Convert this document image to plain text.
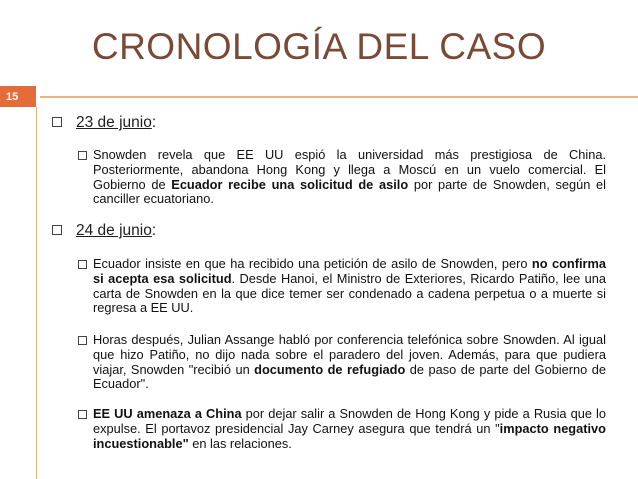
CRONOLOGÍA DEL CASO
15
23 de junio:
Snowden revela que EE UU espió la universidad más prestigiosa de China. Posteriormente, abandona Hong Kong y llega a Moscú en un vuelo comercial. El Gobierno de Ecuador recibe una solicitud de asilo por parte de Snowden, según el canciller ecuatoriano.
24 de junio:
Ecuador insiste en que ha recibido una petición de asilo de Snowden, pero no confirma si acepta esa solicitud. Desde Hanoi, el Ministro de Exteriores, Ricardo Patiño, lee una carta de Snowden en la que dice temer ser condenado a cadena perpetua o a muerte si regresa a EE UU.
Horas después, Julian Assange habló por conferencia telefónica sobre Snowden. Al igual que hizo Patiño, no dijo nada sobre el paradero del joven. Además, para que pudiera viajar, Snowden "recibió un documento de refugiado de paso de parte del Gobierno de Ecuador".
EE UU amenaza a China por dejar salir a Snowden de Hong Kong y pide a Rusia que lo expulse. El portavoz presidencial Jay Carney asegura que tendrá un "impacto negativo incuestionable" en las relaciones.
